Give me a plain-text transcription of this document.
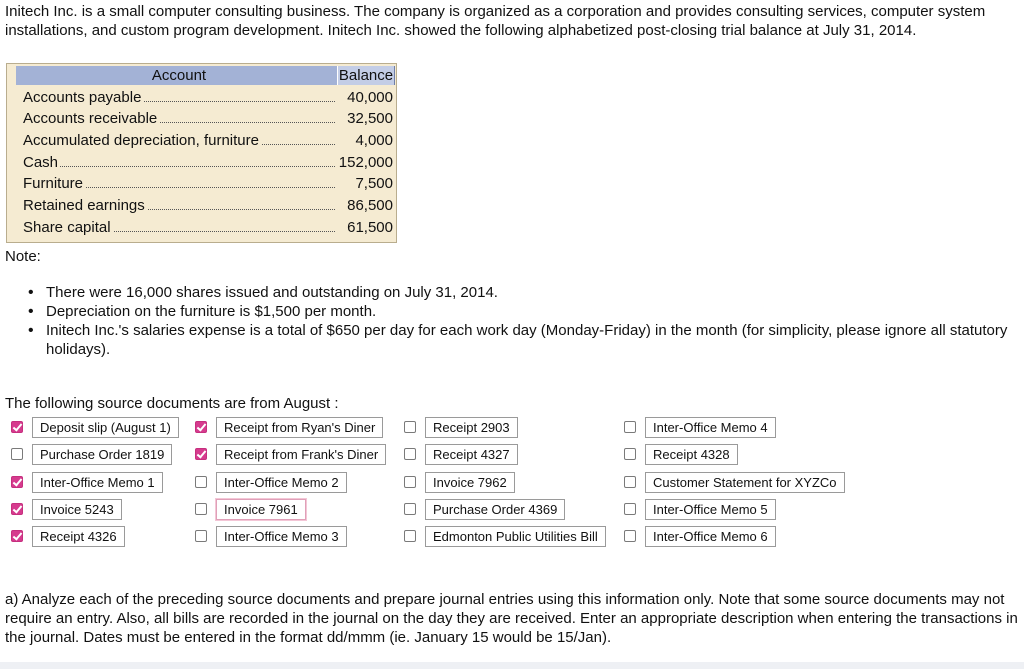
Initech Inc. is a small computer consulting business. The company is organized as a corporation and provides consulting services, computer system installations, and custom program development. Initech Inc. showed the following alphabetized post-closing trial balance at July 31, 2014.

Account	Balance
Accounts payable	40,000
Accounts receivable	32,500
Accumulated depreciation, furniture	4,000
Cash	152,000
Furniture	7,500
Retained earnings	86,500
Share capital	61,500
Note:
• There were 16,000 shares issued and outstanding on July 31, 2014.
• Depreciation on the furniture is $1,500 per month.
• Initech Inc.'s salaries expense is a total of $650 per day for each work day (Monday-Friday) in the month (for simplicity, please ignore all statutory holidays).
The following source documents are from August :
Deposit slip (August 1)
Purchase Order 1819
Inter-Office Memo 1
Invoice 5243
Receipt 4326
Receipt from Ryan's Diner
Receipt from Frank's Diner
Inter-Office Memo 2
Invoice 7961
Inter-Office Memo 3
Receipt 2903
Receipt 4327
Invoice 7962
Purchase Order 4369
Edmonton Public Utilities Bill
Inter-Office Memo 4
Receipt 4328
Customer Statement for XYZCo
Inter-Office Memo 5
Inter-Office Memo 6

a) Analyze each of the preceding source documents and prepare journal entries using this information only. Note that some source documents may not require an entry. Also, all bills are recorded in the journal on the day they are received. Enter an appropriate description when entering the transactions in the journal. Dates must be entered in the format dd/mmm (ie. January 15 would be 15/Jan).
